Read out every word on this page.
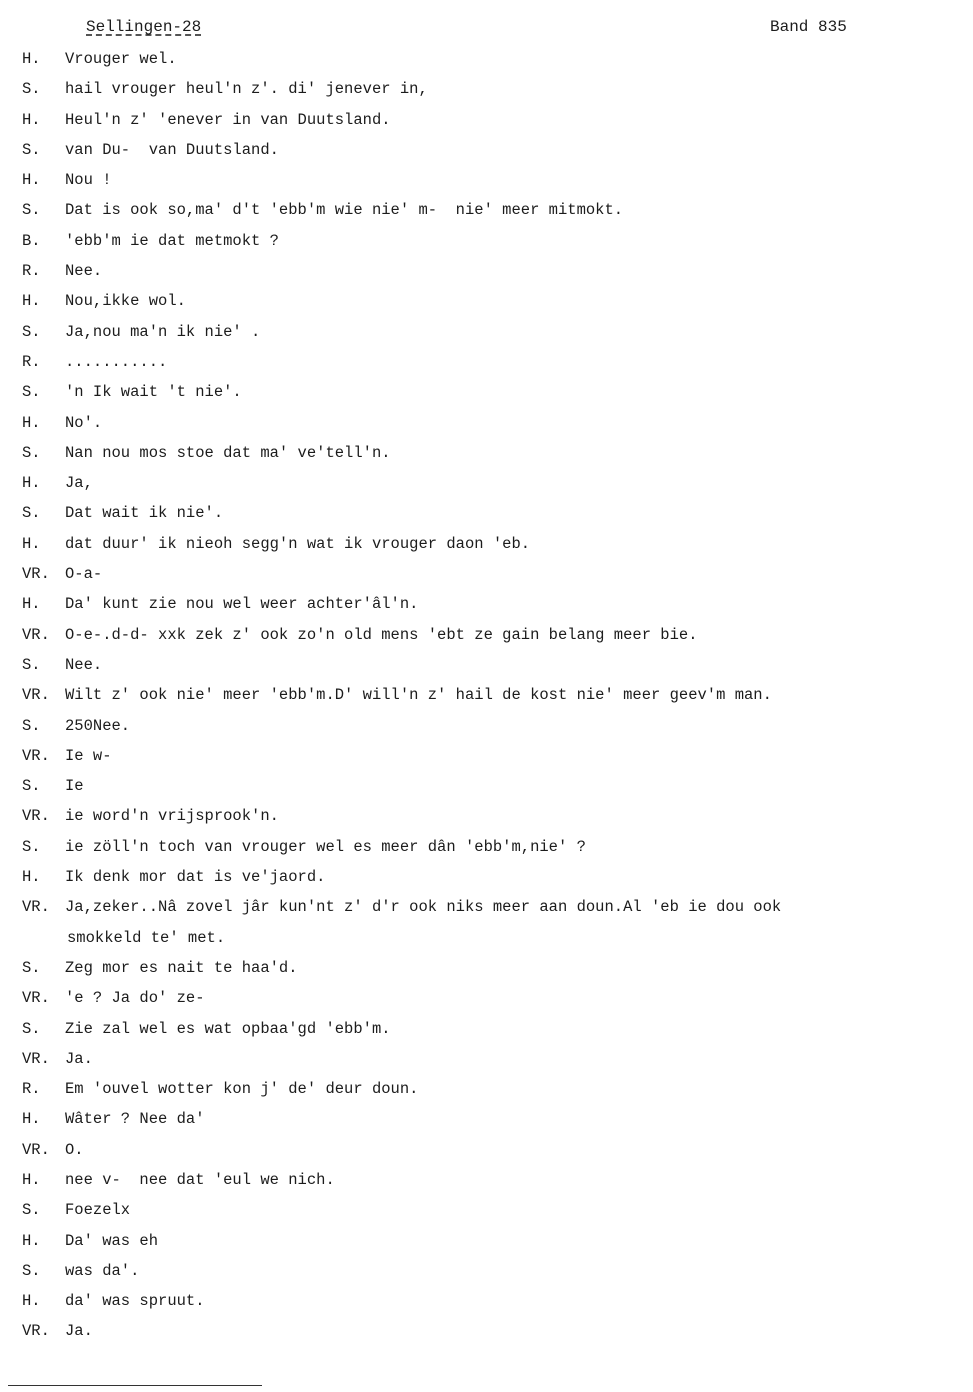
Sellingen-28	Band 835
H. Vrouger wel.
S. hail vrouger heul'n z'. di' jenever in,
H. Heul'n z' 'enever in van Duutsland.
S. van Du-  van Duutsland.
H. Nou !
S. Dat is ook so,ma' d't 'ebb'm wie nie' m-  nie' meer mitmokt.
B. 'ebb'm ie dat metmokt ?
R. Nee.
H. Nou,ikke wol.
S. Ja,nou ma'n ik nie' .
R. ...........
S. 'n Ik wait 't nie'.
H. No'.
S. Nan nou mos stoe dat ma' ve'tell'n.
H. Ja,
S. Dat wait ik nie'.
H. dat duur' ik nieoh segg'n wat ik vrouger daon 'eb.
VR. O-a-
H. Da' kunt zie nou wel weer achter'âl'n.
VR. O-e-.d-d- xxk zek z' ook zo'n old mens 'ebt ze gain belang meer bie.
S. Nee.
VR. Wilt z' ook nie' meer 'ebb'm.D' will'n z' hail de kost nie' meer geev'm man.
S. 250Nee.
VR. Ie w-
S. Ie
VR. ie word'n vrijsprook'n.
S. ie zöll'n toch van vrouger wel es meer dân 'ebb'm,nie' ?
H. Ik denk mor dat is ve'jaord.
VR. Ja,zeker..Nâ zovel jâr kun'nt z' d'r ook niks meer aan doun.Al 'eb ie dou ook
smokkeld te' met.
S. Zeg mor es nait te haa'd.
VR. 'e ? Ja do' ze-
S. Zie zal wel es wat opbaa'gd 'ebb'm.
VR. Ja.
R. Em 'ouvel wotter kon j' de' deur doun.
H. Wâter ? Nee da'
VR. O.
H. nee v-  nee dat 'eul we nich.
S. Foezelx
H. Da' was eh
S. was da'.
H. da' was spruut.
VR. Ja.
